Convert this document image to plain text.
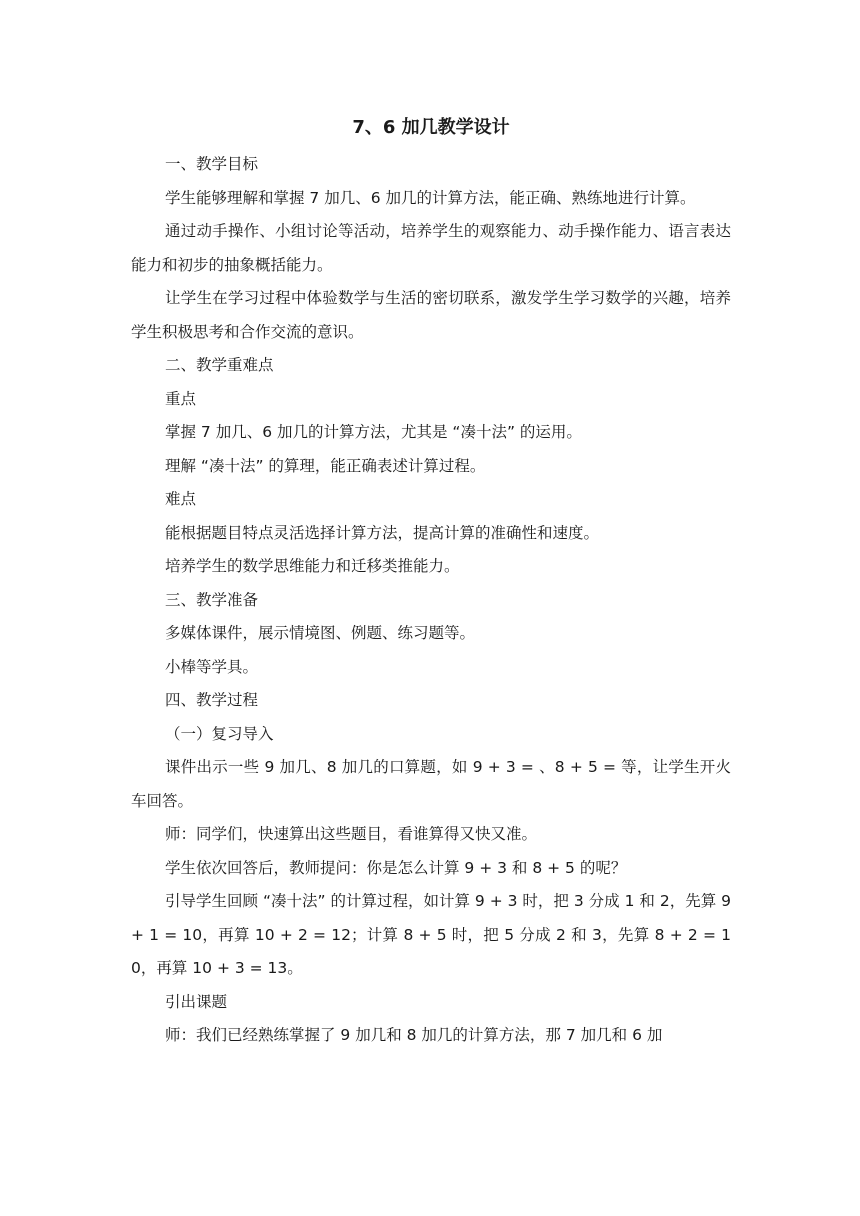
7、6 加几教学设计

一、教学目标

学生能够理解和掌握 7 加几、6 加几的计算方法，能正确、熟练地进行计算。

通过动手操作、小组讨论等活动，培养学生的观察能力、动手操作能力、语言表达能力和初步的抽象概括能力。

让学生在学习过程中体验数学与生活的密切联系，激发学生学习数学的兴趣，培养学生积极思考和合作交流的意识。

二、教学重难点

重点

掌握 7 加几、6 加几的计算方法，尤其是 “凑十法” 的运用。

理解 “凑十法” 的算理，能正确表述计算过程。

难点

能根据题目特点灵活选择计算方法，提高计算的准确性和速度。

培养学生的数学思维能力和迁移类推能力。

三、教学准备

多媒体课件，展示情境图、例题、练习题等。

小棒等学具。

四、教学过程

（一）复习导入

课件出示一些 9 加几、8 加几的口算题，如 9 + 3 = 、8 + 5 = 等，让学生开火车回答。

师：同学们，快速算出这些题目，看谁算得又快又准。

学生依次回答后，教师提问：你是怎么计算 9 + 3 和 8 + 5 的呢？

引导学生回顾 “凑十法” 的计算过程，如计算 9 + 3 时，把 3 分成 1 和 2，先算 9 + 1 = 10，再算 10 + 2 = 12；计算 8 + 5 时，把 5 分成 2 和 3，先算 8 + 2 = 10，再算 10 + 3 = 13。

引出课题

师：我们已经熟练掌握了 9 加几和 8 加几的计算方法，那 7 加几和 6 加
